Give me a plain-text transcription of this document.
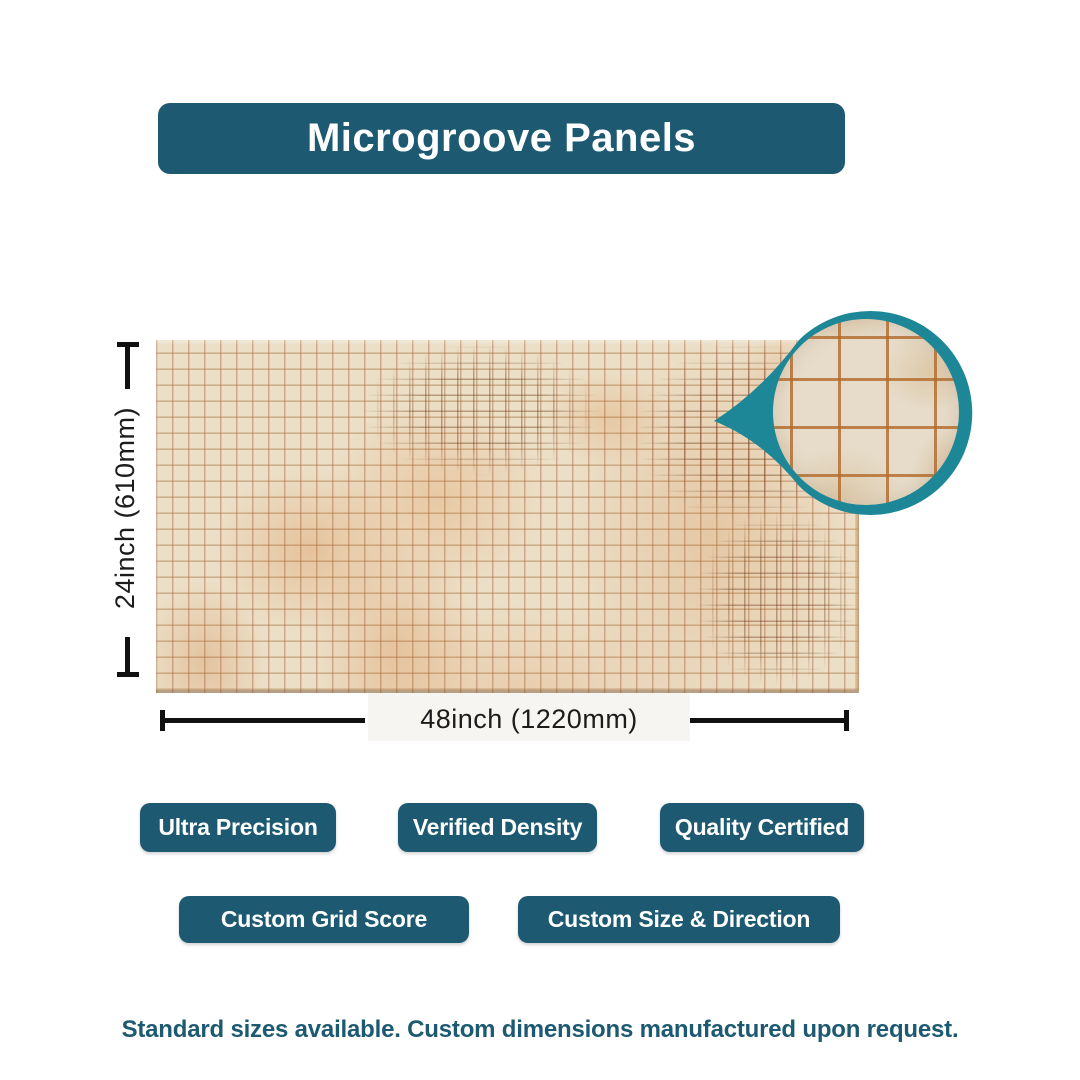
Microgroove Panels
24inch (610mm)
48inch (1220mm)
Ultra Precision	Verified Density	Quality Certified
Custom Grid Score	Custom Size & Direction
Standard sizes available. Custom dimensions manufactured upon request.
